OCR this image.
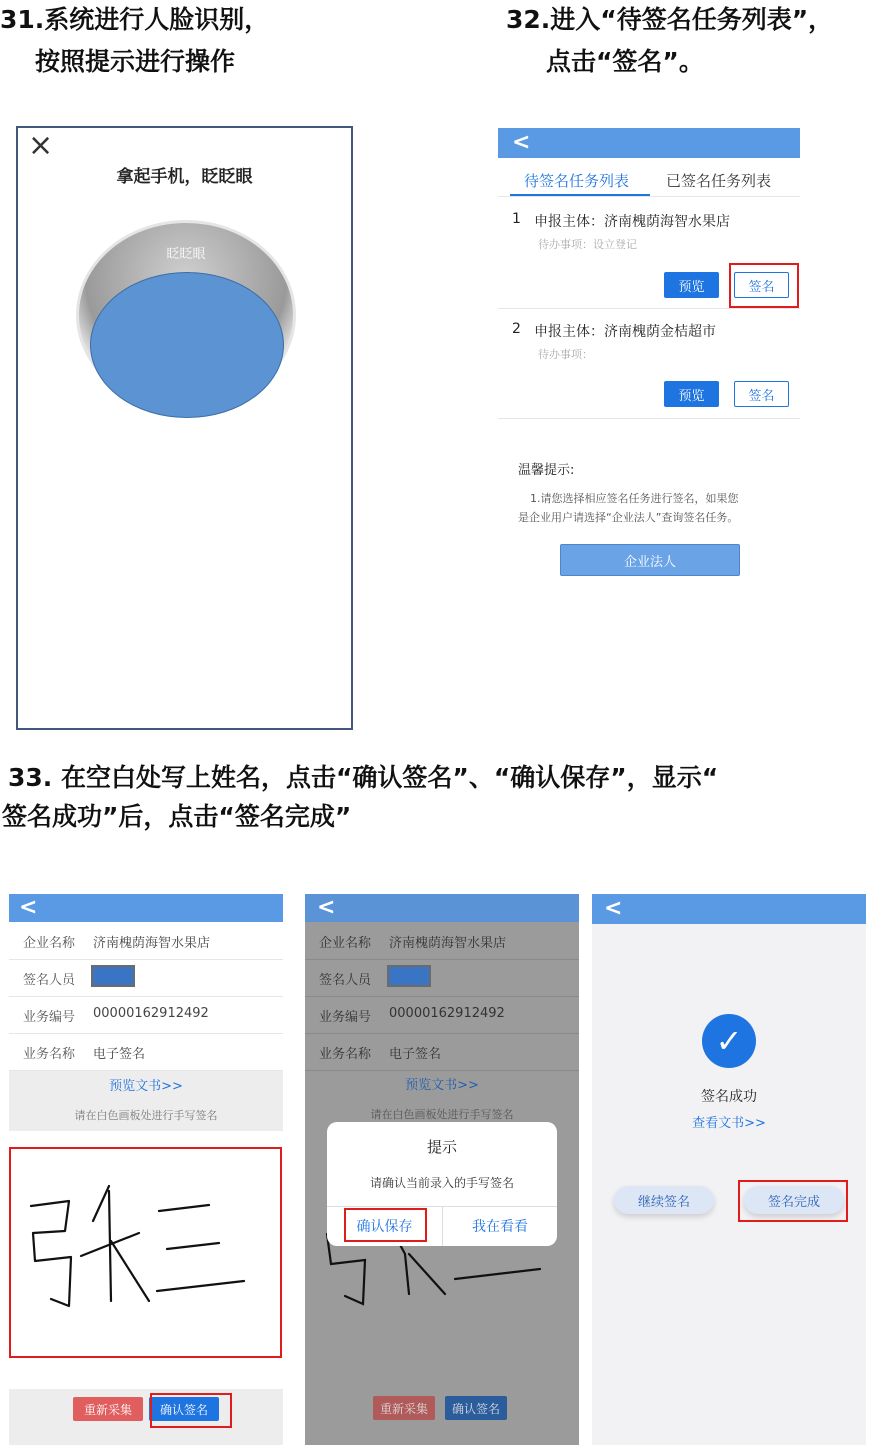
31.系统进行人脸识别，
按照提示进行操作
32.进入“待签名任务列表”，
点击“签名”。
33. 在空白处写上姓名，点击“确认签名”、“确认保存”，显示“
签名成功”后，点击“签名完成”
×
拿起手机，眨眨眼
眨眨眼
<
待签名任务列表 已签名任务列表
1 申报主体：济南槐荫海智水果店
待办事项：设立登记
预览	签名
2 申报主体：济南槐荫金桔超市
待办事项：
预览	签名
温馨提示:
1.请您选择相应签名任务进行签名，如果您
是企业用户请选择“企业法人”查询签名任务。
企业法人
<
企业名称 济南槐荫海智水果店
签名人员
业务编号 00000162912492
业务名称 电子签名
预览文书>>
请在白色画板处进行手写签名
重新采集	确认签名
<
企业名称 济南槐荫海智水果店
签名人员
业务编号 00000162912492
业务名称 电子签名
预览文书>>
请在白色画板处进行手写签名
重新采集	确认签名
提示
请确认当前录入的手写签名
确认保存	我在看看
<
✓
签名成功
查看文书>>
继续签名	签名完成
